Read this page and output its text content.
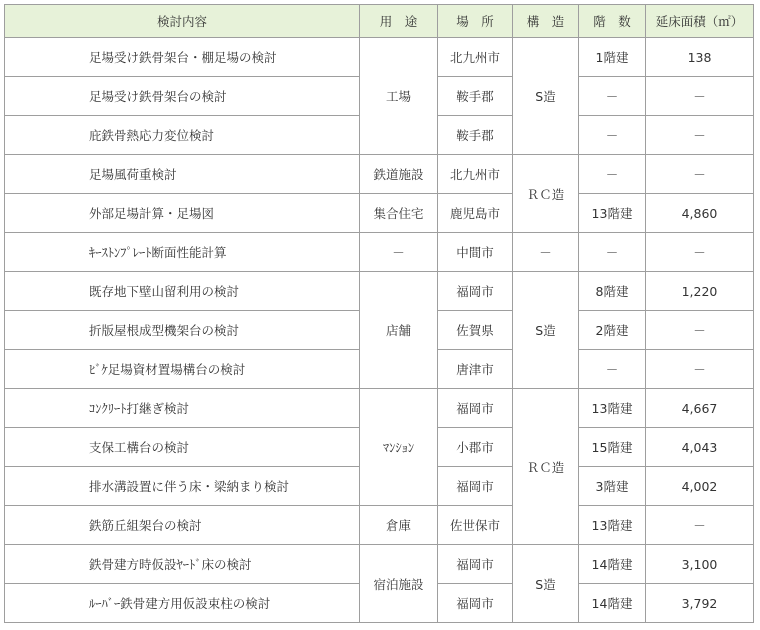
検討内容	用　途	場　所	構　造	階　数	延床面積（㎡）
足場受け鉄骨架台・棚足場の検討	工場	北九州市	S造	1階建	138
足場受け鉄骨架台の検討		鞍手郡		－	－
庇鉄骨熱応力変位検討		鞍手郡		－	－
足場風荷重検討	鉄道施設	北九州市	ＲＣ造	－	－
外部足場計算・足場図	集合住宅	鹿児島市		13階建	4,860
ｷｰｽﾄﾝﾌﾟﾚｰﾄ断面性能計算	－	中間市	－	－	－
既存地下壁山留利用の検討	店舗	福岡市	S造	8階建	1,220
折版屋根成型機架台の検討		佐賀県		2階建	－
ﾋﾞｹ足場資材置場構台の検討		唐津市		－	－
ｺﾝｸﾘｰﾄ打継ぎ検討	ﾏﾝｼｮﾝ	福岡市	ＲＣ造	13階建	4,667
支保工構台の検討		小郡市		15階建	4,043
排水溝設置に伴う床・梁納まり検討		福岡市		3階建	4,002
鉄筋丘組架台の検討	倉庫	佐世保市		13階建	－
鉄骨建方時仮設ﾔｰﾄﾞ床の検討	宿泊施設	福岡市	S造	14階建	3,100
ﾙｰﾊﾞｰ鉄骨建方用仮設束柱の検討		福岡市		14階建	3,792
